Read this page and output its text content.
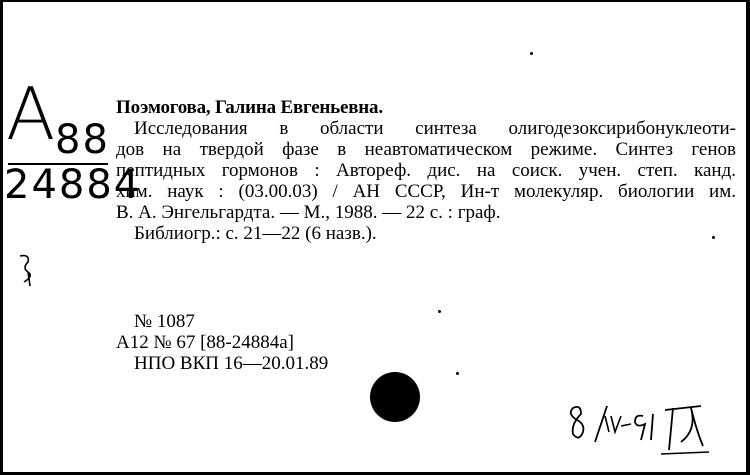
А 88
24884

Поэмогова, Галина Евгеньевна.

Исследования в области синтеза олигодезоксирибонуклеоти-

дов на твердой фазе в неавтоматическом режиме. Синтез генов

пептидных гормонов : Автореф. дис. на соиск. учен. степ. канд.

хим. наук : (03.00.03) / АН СССР, Ин-т молекуляр. биологии им.

В. А. Энгельгардта. — М., 1988. — 22 с. : граф.

Библиогр.: с. 21—22 (6 назв.).

№ 1087
А12 № 67 [88-24884а]
НПО ВКП 16—20.01.89
